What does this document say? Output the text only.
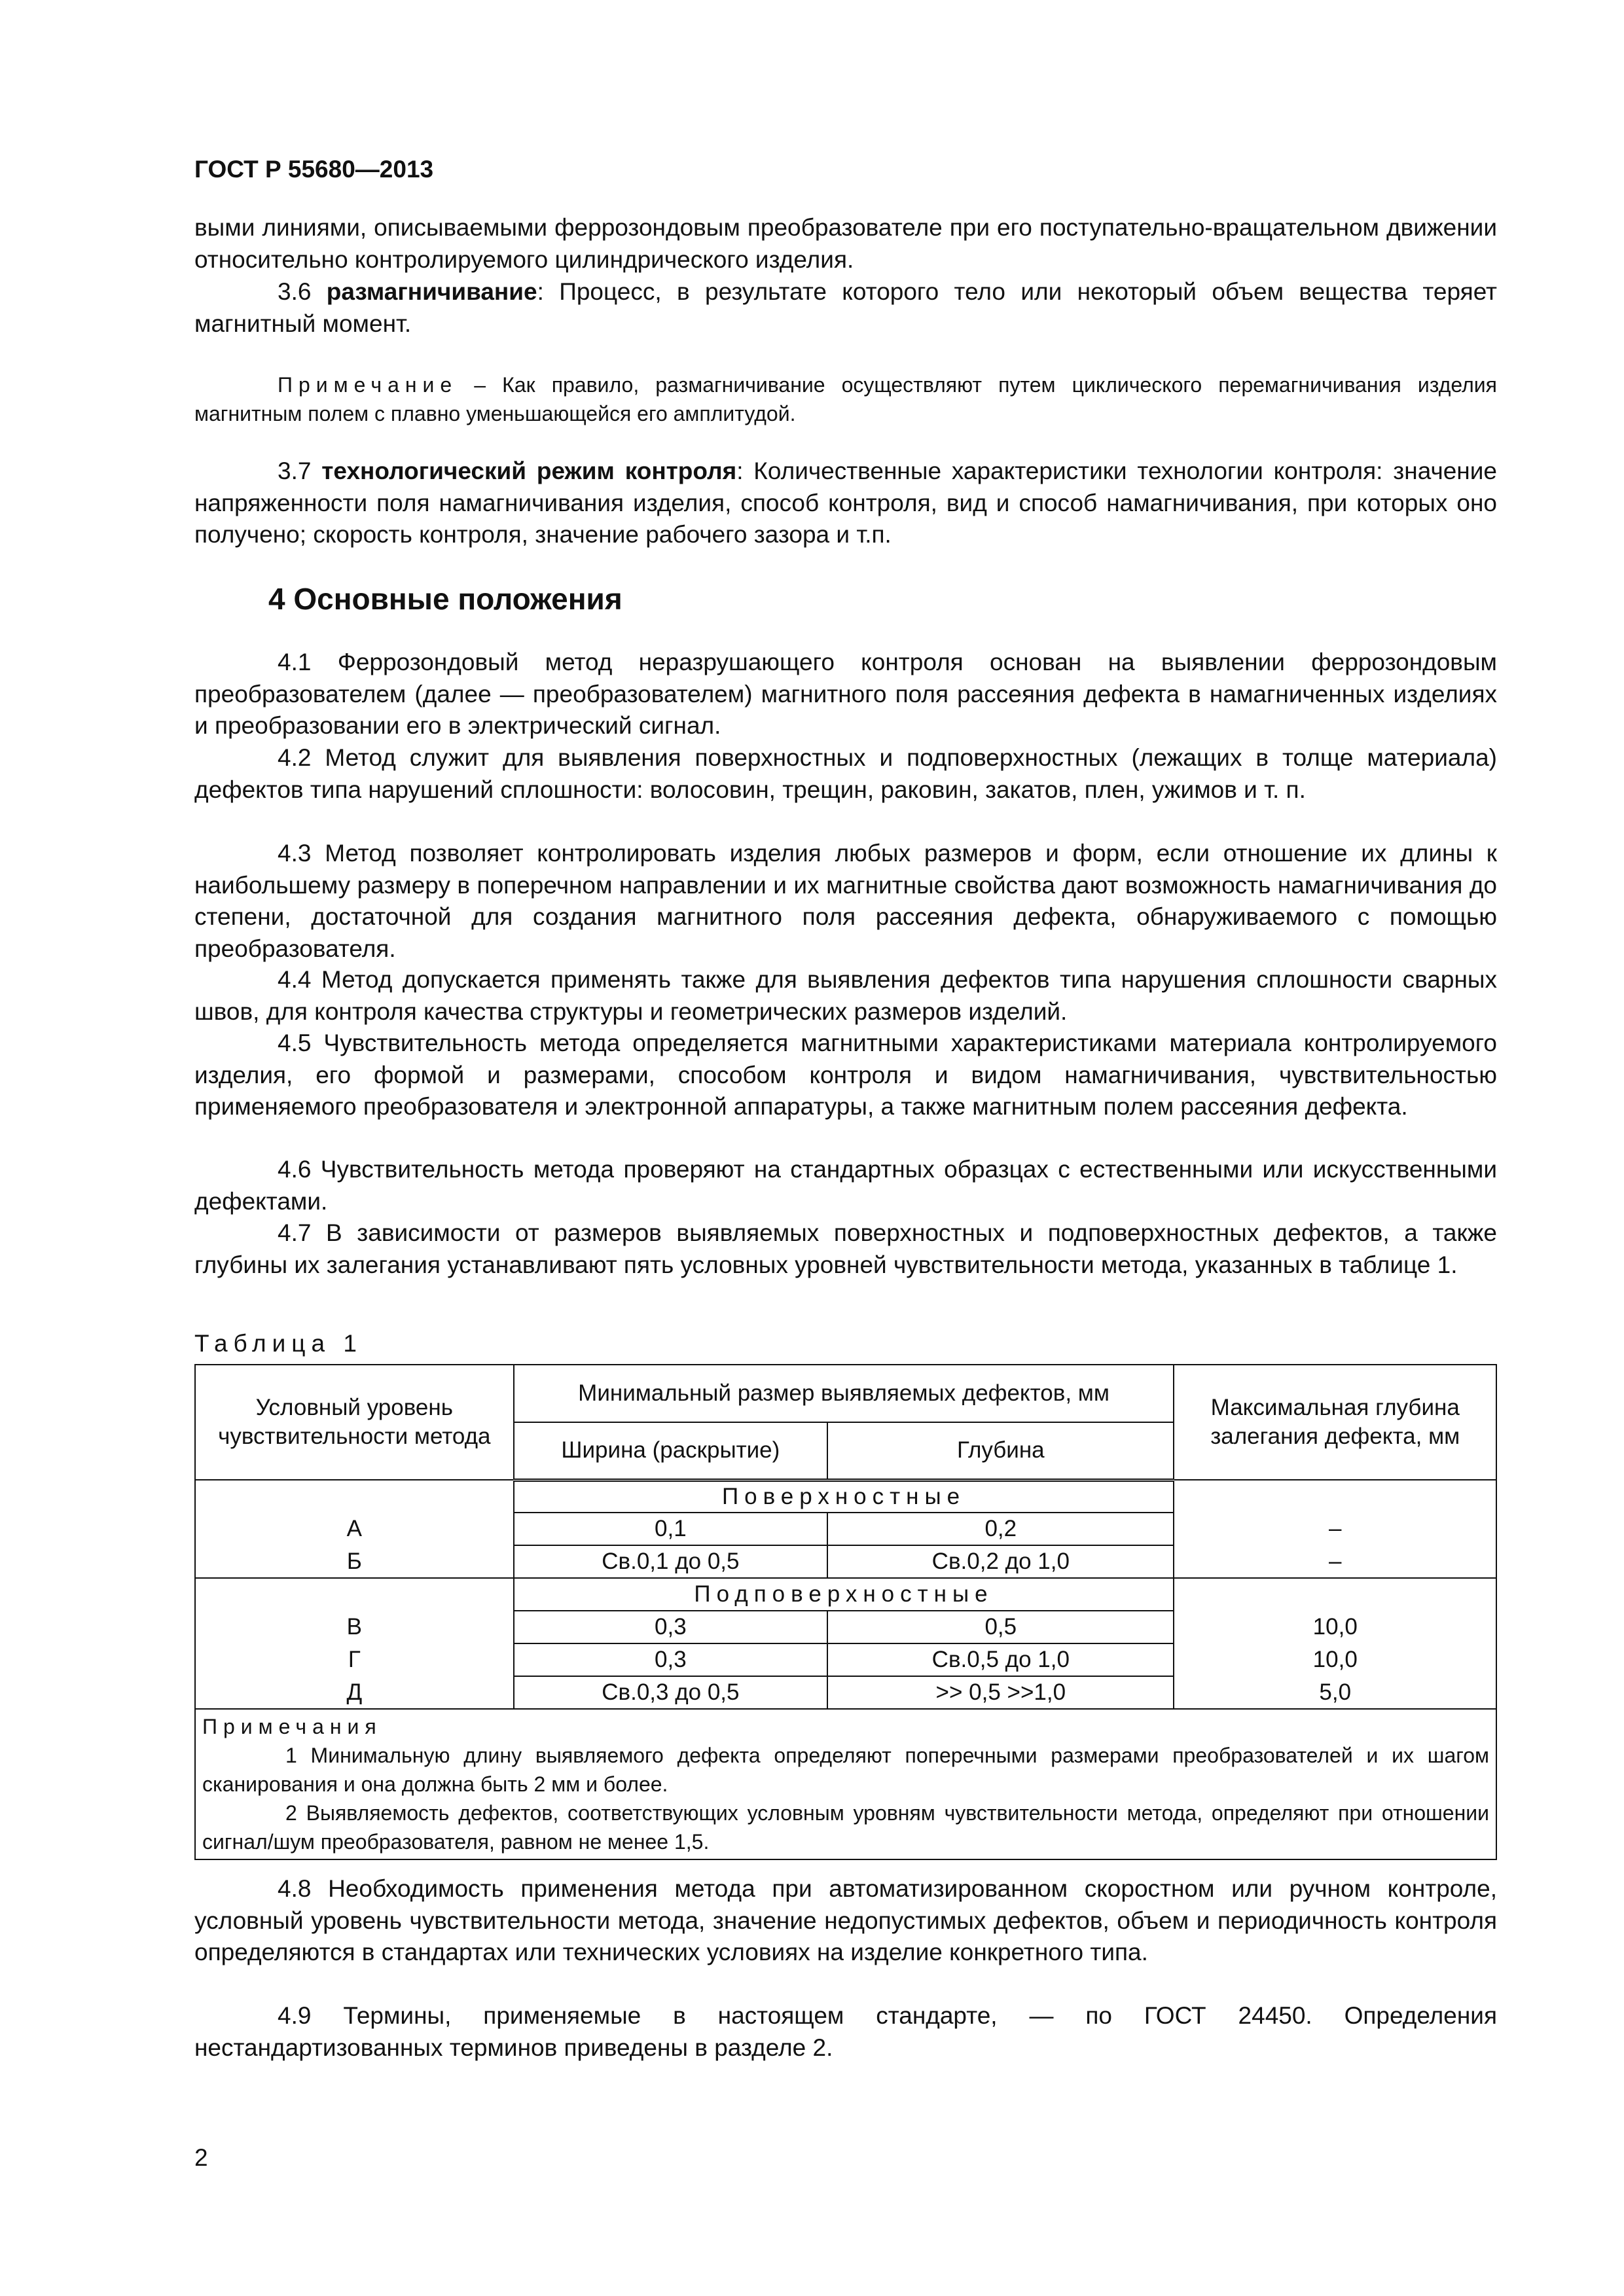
ГОСТ Р 55680—2013
выми линиями, описываемыми феррозондовым преобразователе при его поступательно-вращательном движении относительно контролируемого цилиндрического изделия.
3.6 размагничивание: Процесс, в результате которого тело или некоторый объем вещества теряет магнитный момент.
Примечание – Как правило, размагничивание осуществляют путем циклического перемагничивания изделия магнитным полем с плавно уменьшающейся его амплитудой.
3.7 технологический режим контроля: Количественные характеристики технологии контроля: значение напряженности поля намагничивания изделия, способ контроля, вид и способ намагничивания, при которых оно получено; скорость контроля, значение рабочего зазора и т.п.
4 Основные положения
4.1 Феррозондовый метод неразрушающего контроля основан на выявлении феррозондовым преобразователем (далее — преобразователем) магнитного поля рассеяния дефекта в намагниченных изделиях и преобразовании его в электрический сигнал.
4.2 Метод служит для выявления поверхностных и подповерхностных (лежащих в толще материала) дефектов типа нарушений сплошности: волосовин, трещин, раковин, закатов, плен, ужимов и т. п.
4.3 Метод позволяет контролировать изделия любых размеров и форм, если отношение их длины к наибольшему размеру в поперечном направлении и их магнитные свойства дают возможность намагничивания до степени, достаточной для создания магнитного поля рассеяния дефекта, обнаруживаемого с помощью преобразователя.
4.4 Метод допускается применять также для выявления дефектов типа нарушения сплошности сварных швов, для контроля качества структуры и геометрических размеров изделий.
4.5 Чувствительность метода определяется магнитными характеристиками материала контролируемого изделия, его формой и размерами, способом контроля и видом намагничивания, чувствительностью применяемого преобразователя и электронной аппаратуры, а также магнитным полем рассеяния дефекта.
4.6 Чувствительность метода проверяют на стандартных образцах с естественными или искусственными дефектами.
4.7 В зависимости от размеров выявляемых поверхностных и подповерхностных дефектов, а также глубины их залегания устанавливают пять условных уровней чувствительности метода, указанных в таблице 1.
Таблица 1
Условный уровень чувствительности метода	Минимальный размер выявляемых дефектов, мм		Максимальная глубина залегания дефекта, мм
	Ширина (раскрытие)	Глубина	
	Поверхностные		
А	0,1	0,2	–
Б	Св.0,1 до 0,5	Св.0,2 до 1,0	–
	Подповерхностные		
В	0,3	0,5	10,0
Г	0,3	Св.0,5 до 1,0	10,0
Д	Св.0,3 до 0,5	>> 0,5 >>1,0	5,0

Примечания
1 Минимальную длину выявляемого дефекта определяют поперечными размерами преобразователей и их шагом сканирования и она должна быть 2 мм и более.
2 Выявляемость дефектов, соответствующих условным уровням чувствительности метода, определяют при отношении сигнал/шум преобразователя, равном не менее 1,5.			
4.8 Необходимость применения метода при автоматизированном скоростном или ручном контроле, условный уровень чувствительности метода, значение недопустимых дефектов, объем и периодичность контроля определяются в стандартах или технических условиях на изделие конкретного типа.
4.9 Термины, применяемые в настоящем стандарте, — по ГОСТ 24450. Определения нестандартизованных терминов приведены в разделе 2.
2
